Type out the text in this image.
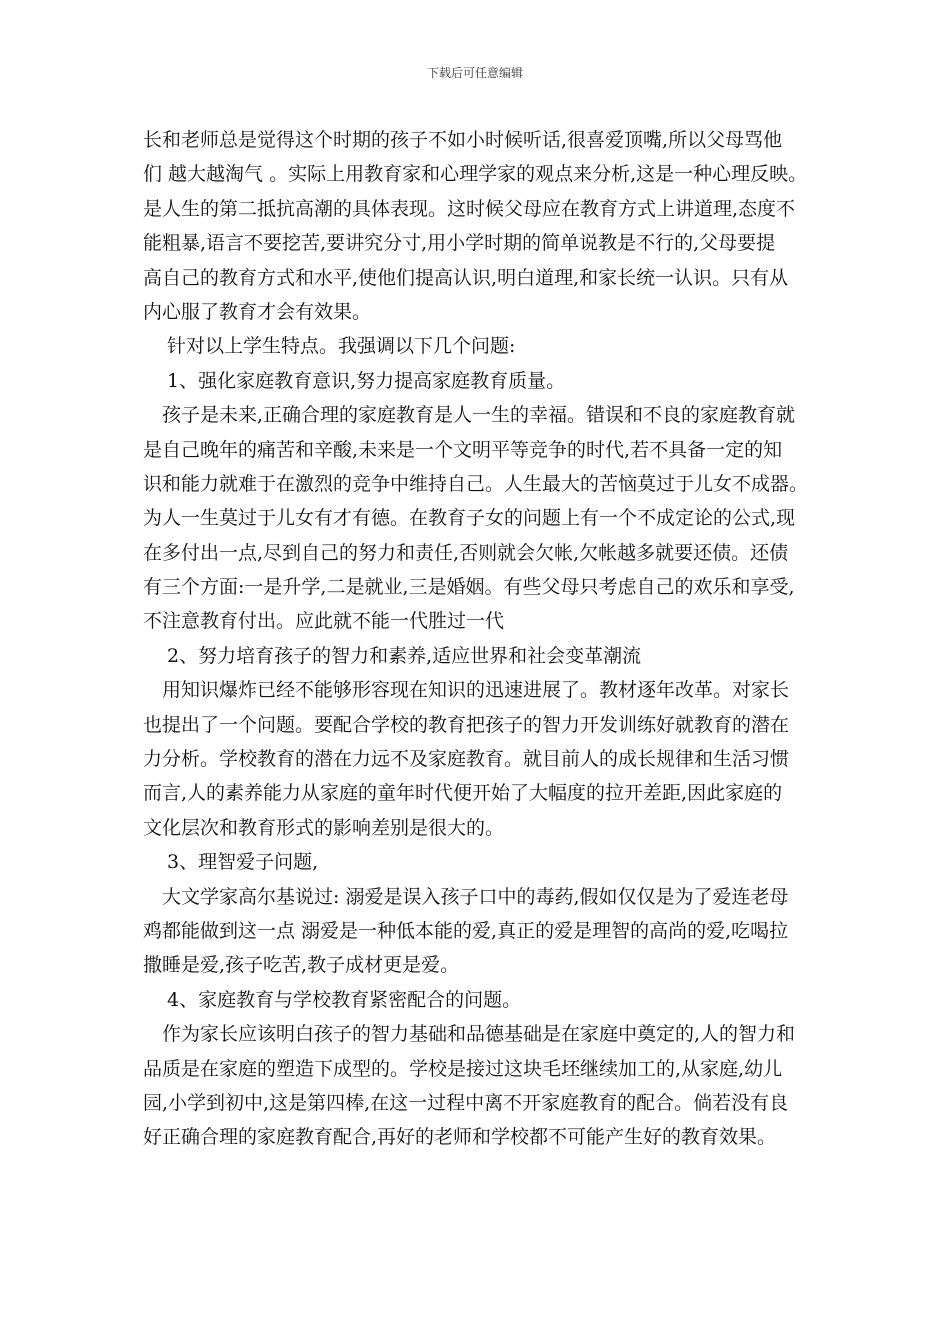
下载后可任意编辑
长和老师总是觉得这个时期的孩子不如小时候听话,很喜爱顶嘴,所以父母骂他
们 越大越淘气 。实际上用教育家和心理学家的观点来分析,这是一种心理反映。
是人生的第二抵抗高潮的具体表现。这时候父母应在教育方式上讲道理,态度不
能粗暴,语言不要挖苦,要讲究分寸,用小学时期的简单说教是不行的,父母要提
高自己的教育方式和水平,使他们提高认识,明白道理,和家长统一认识。只有从
内心服了教育才会有效果。
针对以上学生特点。我强调以下几个问题:
1、强化家庭教育意识,努力提高家庭教育质量。
孩子是未来,正确合理的家庭教育是人一生的幸福。错误和不良的家庭教育就
是自己晚年的痛苦和辛酸,未来是一个文明平等竞争的时代,若不具备一定的知
识和能力就难于在激烈的竞争中维持自己。人生最大的苦恼莫过于儿女不成器。
为人一生莫过于儿女有才有德。在教育子女的问题上有一个不成定论的公式,现
在多付出一点,尽到自己的努力和责任,否则就会欠帐,欠帐越多就要还债。还债
有三个方面:一是升学,二是就业,三是婚姻。有些父母只考虑自己的欢乐和享受,
不注意教育付出。应此就不能一代胜过一代
2、努力培育孩子的智力和素养,适应世界和社会变革潮流
用知识爆炸已经不能够形容现在知识的迅速进展了。教材逐年改革。对家长
也提出了一个问题。要配合学校的教育把孩子的智力开发训练好就教育的潜在
力分析。学校教育的潜在力远不及家庭教育。就目前人的成长规律和生活习惯
而言,人的素养能力从家庭的童年时代便开始了大幅度的拉开差距,因此家庭的
文化层次和教育形式的影响差别是很大的。
3、理智爱子问题,
大文学家高尔基说过: 溺爱是误入孩子口中的毒药,假如仅仅是为了爱连老母
鸡都能做到这一点 溺爱是一种低本能的爱,真正的爱是理智的高尚的爱,吃喝拉
撒睡是爱,孩子吃苦,教子成材更是爱。
4、家庭教育与学校教育紧密配合的问题。
作为家长应该明白孩子的智力基础和品德基础是在家庭中奠定的,人的智力和
品质是在家庭的塑造下成型的。学校是接过这块毛坯继续加工的,从家庭,幼儿
园,小学到初中,这是第四棒,在这一过程中离不开家庭教育的配合。倘若没有良
好正确合理的家庭教育配合,再好的老师和学校都不可能产生好的教育效果。
